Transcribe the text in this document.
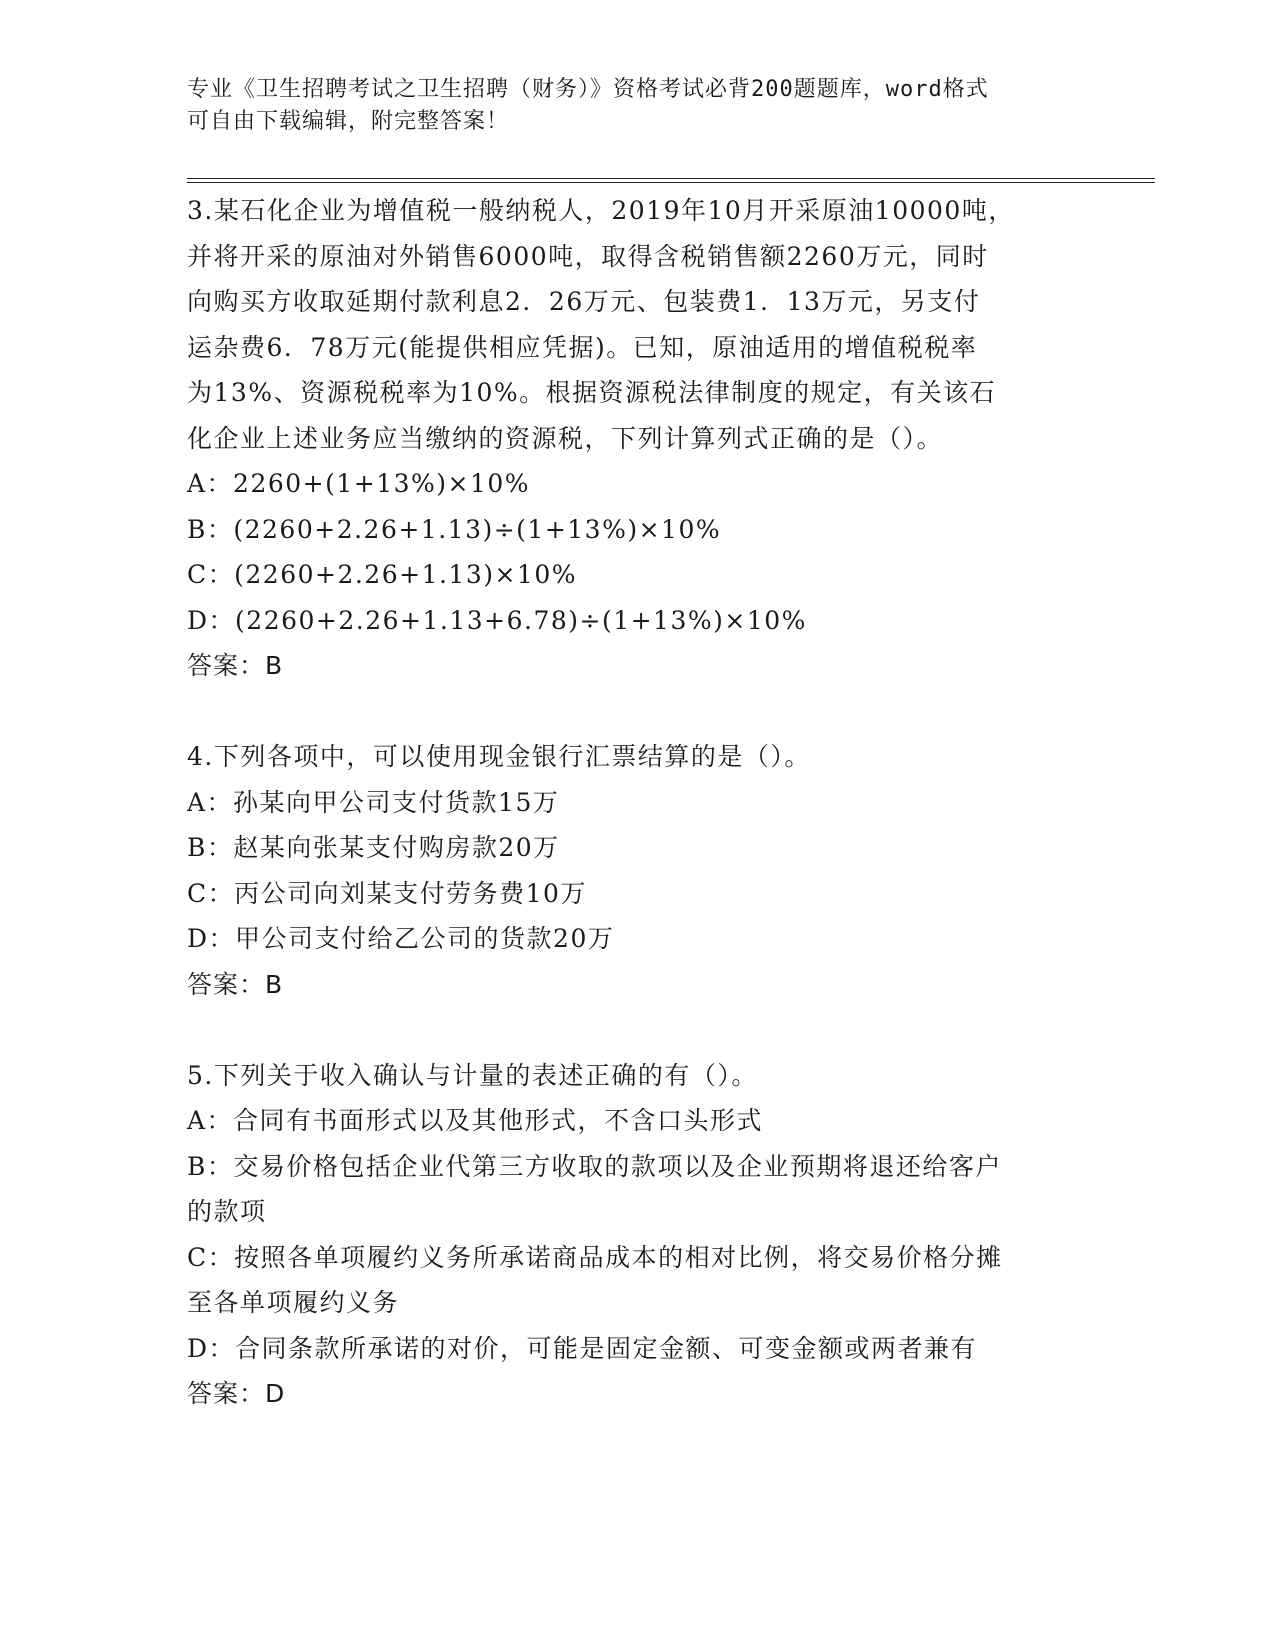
专业《卫生招聘考试之卫生招聘（财务）》资格考试必背200题题库，word格式
可自由下载编辑，附完整答案！
3.某石化企业为增值税一般纳税人，2019年10月开采原油10000吨，
并将开采的原油对外销售6000吨，取得含税销售额2260万元，同时
向购买方收取延期付款利息2．26万元、包装费1．13万元，另支付
运杂费6．78万元(能提供相应凭据)。已知，原油适用的增值税税率
为13%、资源税税率为10%。根据资源税法律制度的规定，有关该石
化企业上述业务应当缴纳的资源税，下列计算列式正确的是（）。
A：2260+(1+13%)×10%
B：(2260+2.26+1.13)÷(1+13%)×10%
C：(2260+2.26+1.13)×10%
D：(2260+2.26+1.13+6.78)÷(1+13%)×10%
答案：B
4.下列各项中，可以使用现金银行汇票结算的是（）。
A：孙某向甲公司支付货款15万
B：赵某向张某支付购房款20万
C：丙公司向刘某支付劳务费10万
D：甲公司支付给乙公司的货款20万
答案：B
5.下列关于收入确认与计量的表述正确的有（）。
A：合同有书面形式以及其他形式，不含口头形式
B：交易价格包括企业代第三方收取的款项以及企业预期将退还给客户
的款项
C：按照各单项履约义务所承诺商品成本的相对比例，将交易价格分摊
至各单项履约义务
D：合同条款所承诺的对价，可能是固定金额、可变金额或两者兼有
答案：D
